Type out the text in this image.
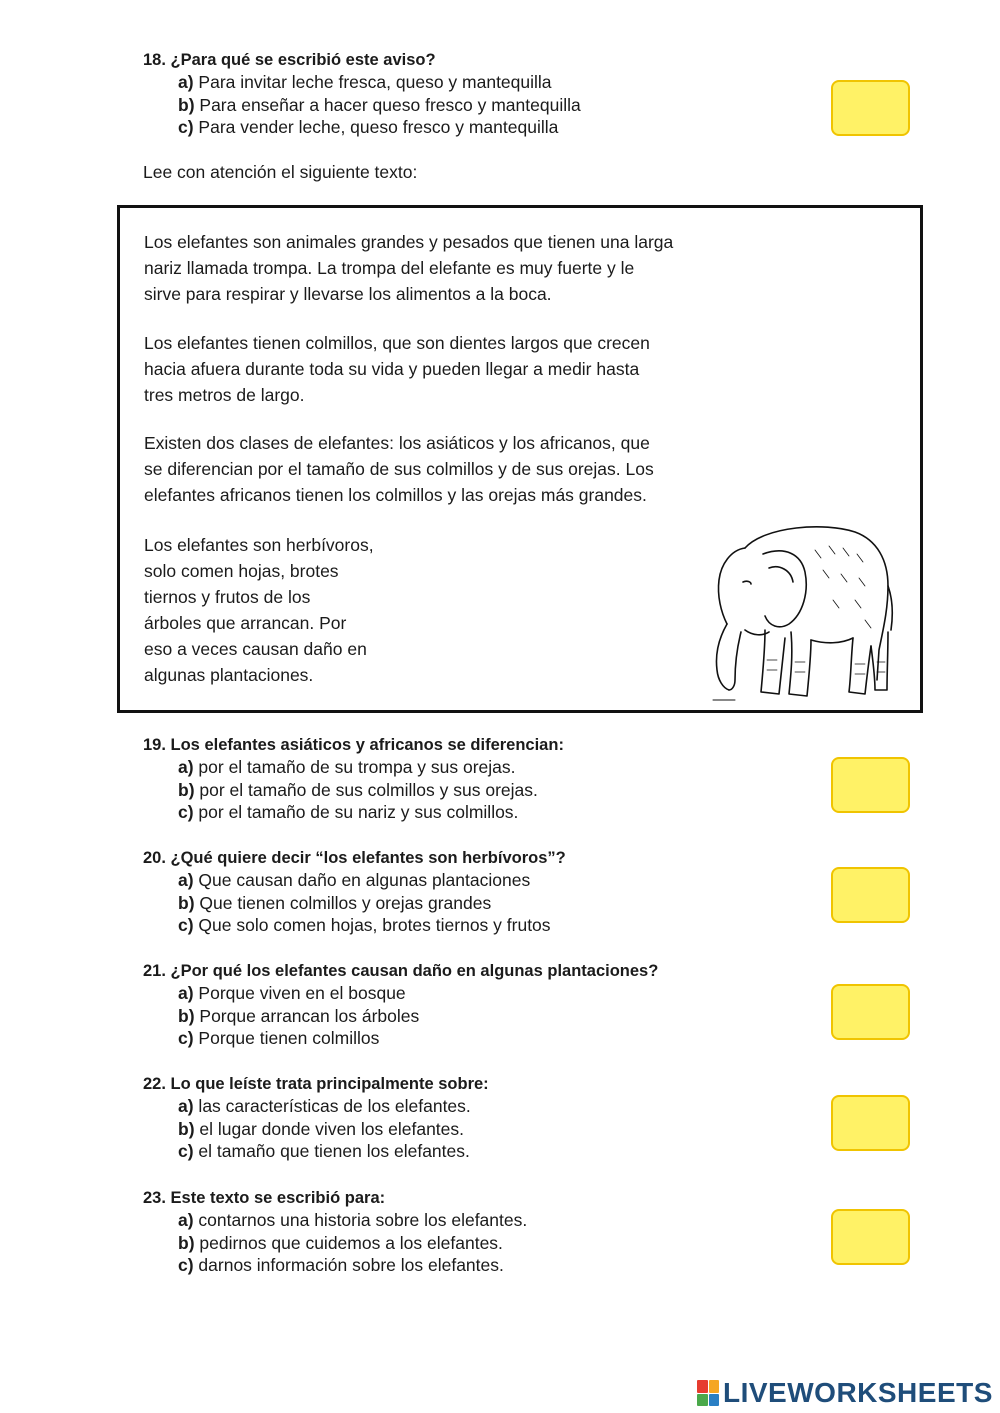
18. ¿Para qué se escribió este aviso?

a) Para invitar leche fresca, queso y mantequilla
b) Para enseñar a hacer queso fresco y mantequilla
c) Para vender leche, queso fresco y mantequilla
Lee con atención el siguiente texto:
Los elefantes son animales grandes y pesados que tienen una larga
nariz llamada trompa. La trompa del elefante es muy fuerte y le
sirve para respirar y llevarse los alimentos a la boca.
Los elefantes tienen colmillos, que son dientes largos que crecen
hacia afuera durante toda su vida y pueden llegar a medir hasta
tres metros de largo.
Existen dos clases de elefantes: los asiáticos y los africanos, que
se diferencian por el tamaño de sus colmillos y de sus orejas. Los
elefantes africanos tienen los colmillos y las orejas más grandes.
Los elefantes son herbívoros,
solo comen hojas, brotes
tiernos y frutos de los
árboles que arrancan. Por
eso a veces causan daño en
algunas plantaciones.

19. Los elefantes asiáticos y africanos se diferencian:

a) por el tamaño de su trompa y sus orejas.
b) por el tamaño de sus colmillos y sus orejas.
c) por el tamaño de su nariz y sus colmillos.

20. ¿Qué quiere decir “los elefantes son herbívoros”?

a) Que causan daño en algunas plantaciones
b) Que tienen colmillos y orejas grandes
c) Que solo comen hojas, brotes tiernos y frutos

21. ¿Por qué los elefantes causan daño en algunas plantaciones?

a) Porque viven en el bosque
b) Porque arrancan los árboles
c) Porque tienen colmillos

22. Lo que leíste trata principalmente sobre:

a) las características de los elefantes.
b) el lugar donde viven los elefantes.
c) el tamaño que tienen los elefantes.

23. Este texto se escribió para:

a) contarnos una historia sobre los elefantes.
b) pedirnos que cuidemos a los elefantes.
c) darnos información sobre los elefantes.
LIVEWORKSHEETS
